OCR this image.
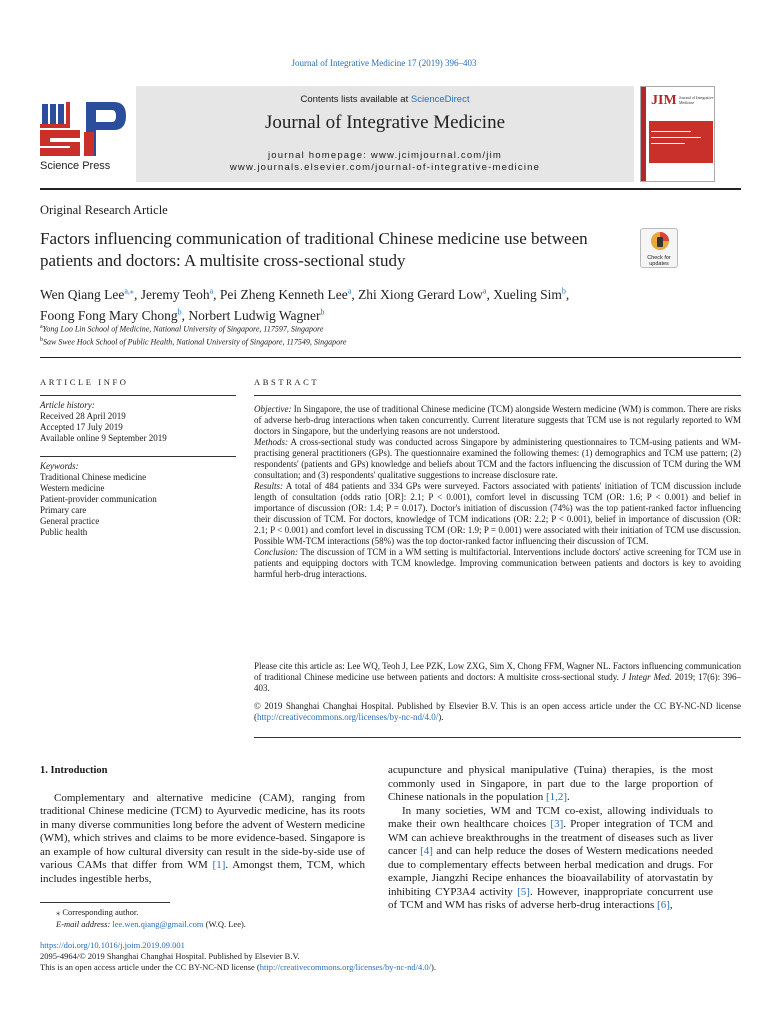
Journal of Integrative Medicine 17 (2019) 396–403
Science Press
Contents lists available at ScienceDirect
Journal of Integrative Medicine
journal homepage: www.jcimjournal.com/jim
www.journals.elsevier.com/journal-of-integrative-medicine
JIM Journal of Integrative Medicine
Original Research Article
Factors influencing communication of traditional Chinese medicine use between patients and doctors: A multisite cross-sectional study	Check for updates
Wen Qiang Lee$^{a,⁎}$, Jeremy Teoh$^a$, Pei Zheng Kenneth Lee$^a$, Zhi Xiong Gerard Low$^a$, Xueling Sim$^b$,
Foong Fong Mary Chong$^b$, Norbert Ludwig Wagner$^b$
$^a$Yong Loo Lin School of Medicine, National University of Singapore, 117597, Singapore
$^b$Saw Swee Hock School of Public Health, National University of Singapore, 117549, Singapore
ARTICLE INFO	ABSTRACT
Article history:
Received 28 April 2019
Accepted 17 July 2019
Available online 9 September 2019
Keywords:
Traditional Chinese medicine
Western medicine
Patient-provider communication
Primary care
General practice
Public health

Objective: In Singapore, the use of traditional Chinese medicine (TCM) alongside Western medicine (WM) is common. There are risks of adverse herb-drug interactions when taken concurrently. Current literature suggests that TCM use is not regularly reported to WM doctors in Singapore, but the underlying reasons are not understood.

Methods: A cross-sectional study was conducted across Singapore by administering questionnaires to TCM-using patients and WM-practising general practitioners (GPs). The questionnaire examined the following themes: (1) demographics and TCM use pattern; (2) respondents' (patients and GPs) knowledge and beliefs about TCM and the factors influencing the discussion of TCM during the WM consultation; and (3) respondents' qualitative suggestions to increase disclosure rate.

Results: A total of 484 patients and 334 GPs were surveyed. Factors associated with patients' initiation of TCM discussion include length of consultation (odds ratio [OR]: 2.1; P < 0.001), comfort level in discussing TCM (OR: 1.6; P < 0.001) and belief in importance of discussion (OR: 1.4; P = 0.017). Doctor's initiation of discussion (74%) was the top patient-ranked factor influencing their discussion of TCM. For doctors, knowledge of TCM indications (OR: 2.2; P < 0.001), belief in importance of discussion (OR: 2.1; P < 0.001) and comfort level in discussing TCM (OR: 1.9; P = 0.001) were associated with their initiation of TCM use discussion. Possible WM-TCM interactions (58%) was the top doctor-ranked factor influencing their discussion of TCM.

Conclusion: The discussion of TCM in a WM setting is multifactorial. Interventions include doctors' active screening for TCM use in patients and equipping doctors with TCM knowledge. Improving communication between patients and doctors is key to avoiding harmful herb-drug interactions.

Please cite this article as: Lee WQ, Teoh J, Lee PZK, Low ZXG, Sim X, Chong FFM, Wagner NL. Factors influencing communication of traditional Chinese medicine use between patients and doctors: A multisite cross-sectional study. J Integr Med. 2019; 17(6): 396–403.
© 2019 Shanghai Changhai Hospital. Published by Elsevier B.V. This is an open access article under the CC BY-NC-ND license (http://creativecommons.org/licenses/by-nc-nd/4.0/).
1. Introduction

Complementary and alternative medicine (CAM), ranging from traditional Chinese medicine (TCM) to Ayurvedic medicine, has its roots in many diverse communities long before the advent of Western medicine (WM), which strives and claims to be more evidence-based. Singapore is an example of how cultural diversity can result in the side-by-side use of various CAMs that differ from WM [1]. Amongst them, TCM, which includes ingestible herbs,

acupuncture and physical manipulative (Tuina) therapies, is the most commonly used in Singapore, in part due to the large proportion of Chinese nationals in the population [1,2].

In many societies, WM and TCM co-exist, allowing individuals to make their own healthcare choices [3]. Proper integration of TCM and WM can achieve breakthroughs in the treatment of diseases such as liver cancer [4] and can help reduce the doses of Western medications needed due to complementary effects between herbal medication and drugs. For example, Jiangzhi Recipe enhances the bioavailability of atorvastatin by inhibiting CYP3A4 activity [5]. However, inappropriate concurrent use of TCM and WM has risks of adverse herb-drug interactions [6],

⁎ Corresponding author.
E-mail address: lee.wen.qiang@gmail.com (W.Q. Lee).
https://doi.org/10.1016/j.joim.2019.09.001
2095-4964/© 2019 Shanghai Changhai Hospital. Published by Elsevier B.V.
This is an open access article under the CC BY-NC-ND license (http://creativecommons.org/licenses/by-nc-nd/4.0/).
